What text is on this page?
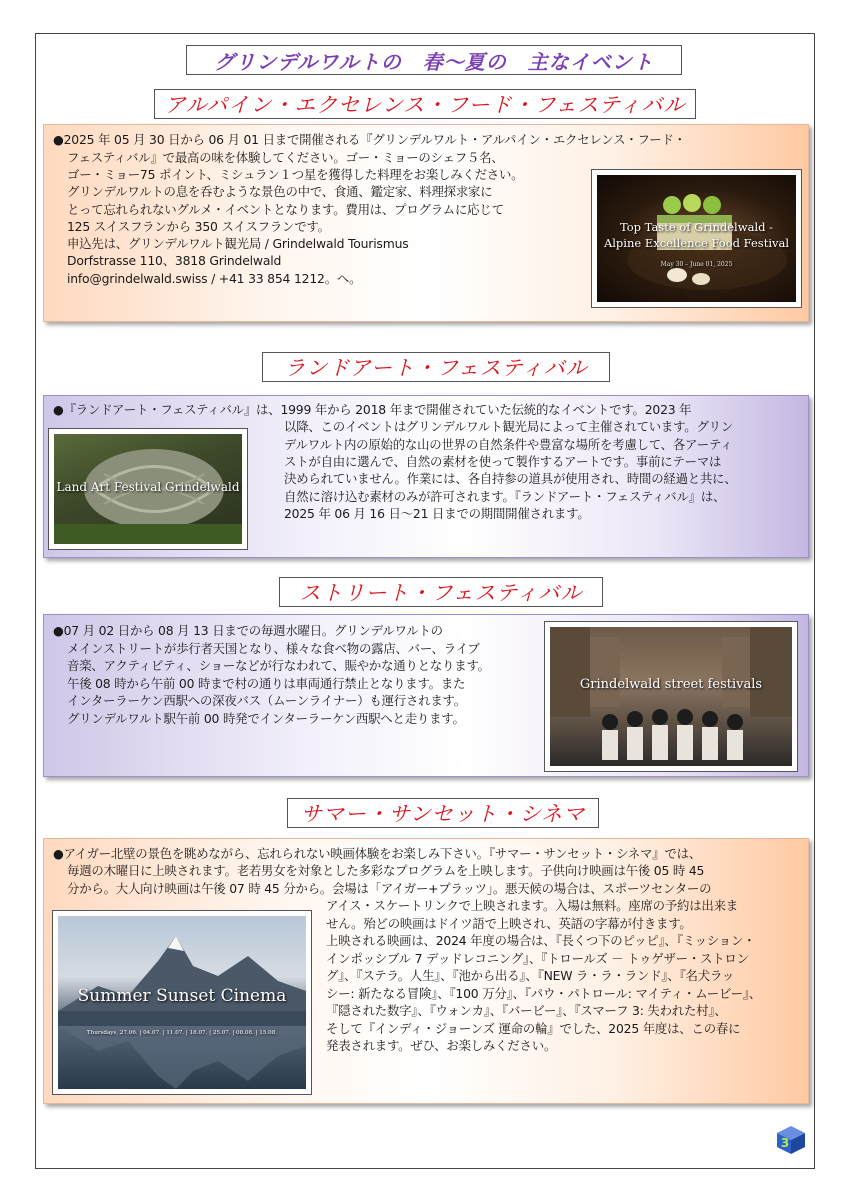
グリンデルワルトの　春〜夏の　主なイベント
アルパイン・エクセレンス・フード・フェスティバル
●2025 年 05 月 30 日から 06 月 01 日まで開催される『グリンデルワルト・アルパイン・エクセレンス・フード・
フェスティバル』で最高の味を体験してください。ゴー・ミョーのシェフ５名、
ゴー・ミョー75 ポイント、ミシュラン１つ星を獲得した料理をお楽しみください。
グリンデルワルトの息を呑むような景色の中で、食通、鑑定家、料理探求家に
とって忘れられないグルメ・イベントとなります。費用は、プログラムに応じて
125 スイスフランから 350 スイスフランです。
申込先は、グリンデルワルト観光局 / Grindelwald Tourismus
Dorfstrasse 110、3818 Grindelwald
info@grindelwald.swiss / +41 33 854 1212。へ。
Top Taste of Grindelwald - Alpine Excellence Food Festival
May 30 – June 01, 2025
ランドアート・フェスティバル
●『ランドアート・フェスティバル』は、1999 年から 2018 年まで開催されていた伝統的なイベントです。2023 年
以降、このイベントはグリンデルワルト観光局によって主催されています。グリン
デルワルト内の原始的な山の世界の自然条件や豊富な場所を考慮して、各アーティ
ストが自由に選んで、自然の素材を使って製作するアートです。事前にテーマは
決められていません。作業には、各自持参の道具が使用され、時間の経過と共に、
自然に溶け込む素材のみが許可されます。『ランドアート・フェスティバル』は、
2025 年 06 月 16 日〜21 日までの期間開催されます。
Land Art Festival Grindelwald
ストリート・フェスティバル
●07 月 02 日から 08 月 13 日までの毎週水曜日。グリンデルワルトの
メインストリートが歩行者天国となり、様々な食べ物の露店、バー、ライブ
音楽、アクティビティ、ショーなどが行なわれて、賑やかな通りとなります。
午後 08 時から午前 00 時まで村の通りは車両通行禁止となります。また
インターラーケン西駅への深夜バス（ムーンライナー）も運行されます。
グリンデルワルト駅午前 00 時発でインターラーケン西駅へと走ります。
Grindelwald street festivals
サマー・サンセット・シネマ
●アイガー北壁の景色を眺めながら、忘れられない映画体験をお楽しみ下さい。『サマー・サンセット・シネマ』では、
毎週の木曜日に上映されます。老若男女を対象とした多彩なプログラムを上映します。子供向け映画は午後 05 時 45
分から。大人向け映画は午後 07 時 45 分から。会場は「アイガー+プラッツ」。悪天候の場合は、スポーツセンターの
アイス・スケートリンクで上映されます。入場は無料。座席の予約は出来ま
せん。殆どの映画はドイツ語で上映され、英語の字幕が付きます。
上映される映画は、2024 年度の場合は、『長くつ下のピッピ』、『ミッション・
インポッシブル 7 デッドレコニング』、『トロールズ － トゥゲザー・ストロン
グ』、『ステラ。人生』、『池から出る』、『NEW ラ・ラ・ランド』、『名犬ラッ
シー: 新たなる冒険』、『100 万分』、『パウ・パトロール: マイティ・ムービー』、
『隠された数字』、『ウォンカ』、『バービー』、『スマーフ 3: 失われた村』、
そして『インディ・ジョーンズ 運命の輪』でした、2025 年度は、この春に
発表されます。ぜひ、お楽しみください。
Summer Sunset Cinema
Thursdays, 27.06. | 04.07. | 11.07. | 18.07. | 25.07. | 08.08. | 15.08.
3
